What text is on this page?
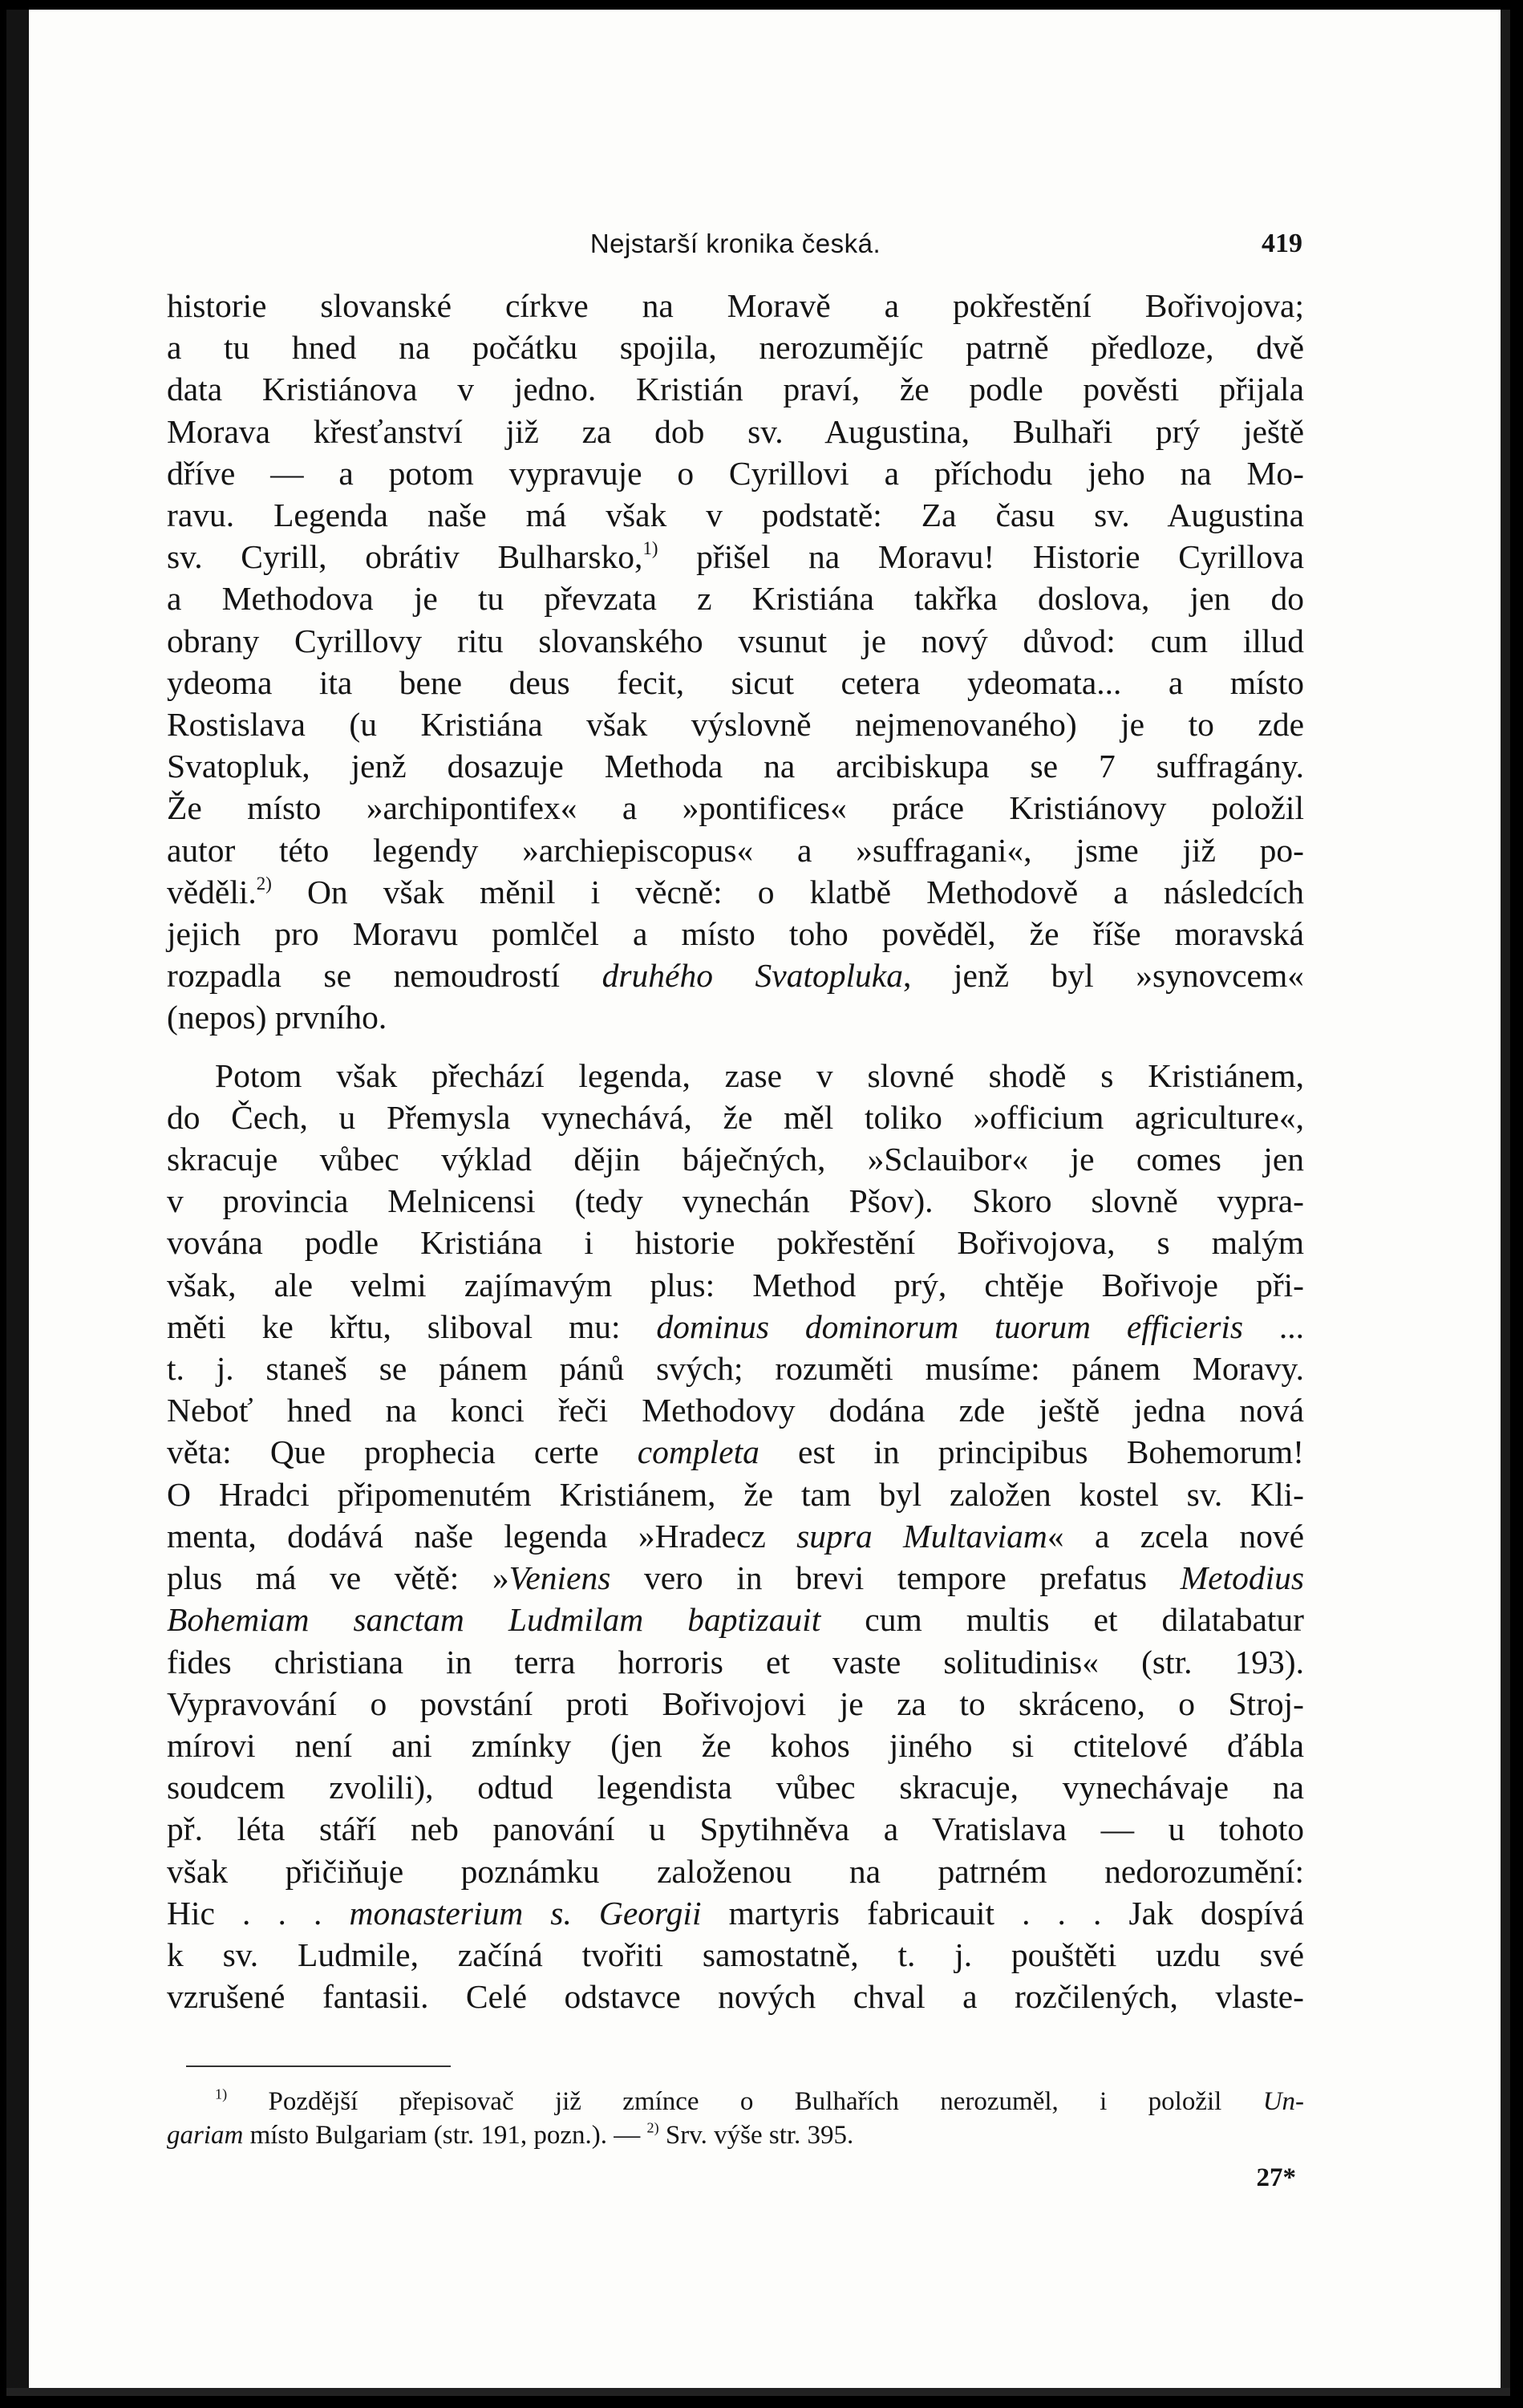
Nejstarší kronika česká.	419
historie slovanské církve na Moravě a pokřestění Bořivojova;
a tu hned na počátku spojila, nerozumějíc patrně předloze, dvě
data Kristiánova v jedno. Kristián praví, že podle pověsti přijala
Morava křesťanství již za dob sv. Augustina, Bulhaři prý ještě
dříve — a potom vypravuje o Cyrillovi a příchodu jeho na Mo-
ravu. Legenda naše má však v podstatě: Za času sv. Augustina
sv. Cyrill, obrátiv Bulharsko,$^{1)}$ přišel na Moravu! Historie Cyrillova
a Methodova je tu převzata z Kristiána takřka doslova, jen do
obrany Cyrillovy ritu slovanského vsunut je nový důvod: cum illud
ydeoma ita bene deus fecit, sicut cetera ydeomata... a místo
Rostislava (u Kristiána však výslovně nejmenovaného) je to zde
Svatopluk, jenž dosazuje Methoda na arcibiskupa se 7 suffragány.
Že místo »archipontifex« a »pontifices« práce Kristiánovy položil
autor této legendy »archiepiscopus« a »suffragani«, jsme již po-
věděli.$^{2)}$ On však měnil i věcně: o klatbě Methodově a následcích
jejich pro Moravu pomlčel a místo toho pověděl, že říše moravská
rozpadla se nemoudrostí druhého Svatopluka, jenž byl »synovcem«
(nepos) prvního.
Potom však přechází legenda, zase v slovné shodě s Kristiánem,
do Čech, u Přemysla vynechává, že měl toliko »officium agriculture«,
skracuje vůbec výklad dějin báječných, »Sclauibor« je comes jen
v provincia Melnicensi (tedy vynechán Pšov). Skoro slovně vypra-
vována podle Kristiána i historie pokřestění Bořivojova, s malým
však, ale velmi zajímavým plus: Method prý, chtěje Bořivoje při-
měti ke křtu, sliboval mu: dominus dominorum tuorum efficieris ...
t. j. staneš se pánem pánů svých; rozuměti musíme: pánem Moravy.
Neboť hned na konci řeči Methodovy dodána zde ještě jedna nová
věta: Que prophecia certe completa est in principibus Bohemorum!
O Hradci připomenutém Kristiánem, že tam byl založen kostel sv. Kli-
menta, dodává naše legenda »Hradecz supra Multaviam« a zcela nové
plus má ve větě: »Veniens vero in brevi tempore prefatus Metodius
Bohemiam sanctam Ludmilam baptizauit cum multis et dilatabatur
fides christiana in terra horroris et vaste solitudinis« (str. 193).
Vypravování o povstání proti Bořivojovi je za to skráceno, o Stroj-
mírovi není ani zmínky (jen že kohos jiného si ctitelové ďábla
soudcem zvolili), odtud legendista vůbec skracuje, vynechávaje na
př. léta stáří neb panování u Spytihněva a Vratislava — u tohoto
však přičiňuje poznámku založenou na patrném nedorozumění:
Hic . . . monasterium s. Georgii martyris fabricauit . . . Jak dospívá
k sv. Ludmile, začíná tvořiti samostatně, t. j. pouštěti uzdu své
vzrušené fantasii. Celé odstavce nových chval a rozčilených, vlaste-
$^{1)}$ Pozdější přepisovač již zmínce o Bulhařích nerozuměl, i položil Un-
gariam místo Bulgariam (str. 191, pozn.). — $^{2)}$ Srv. výše str. 395.
27*
